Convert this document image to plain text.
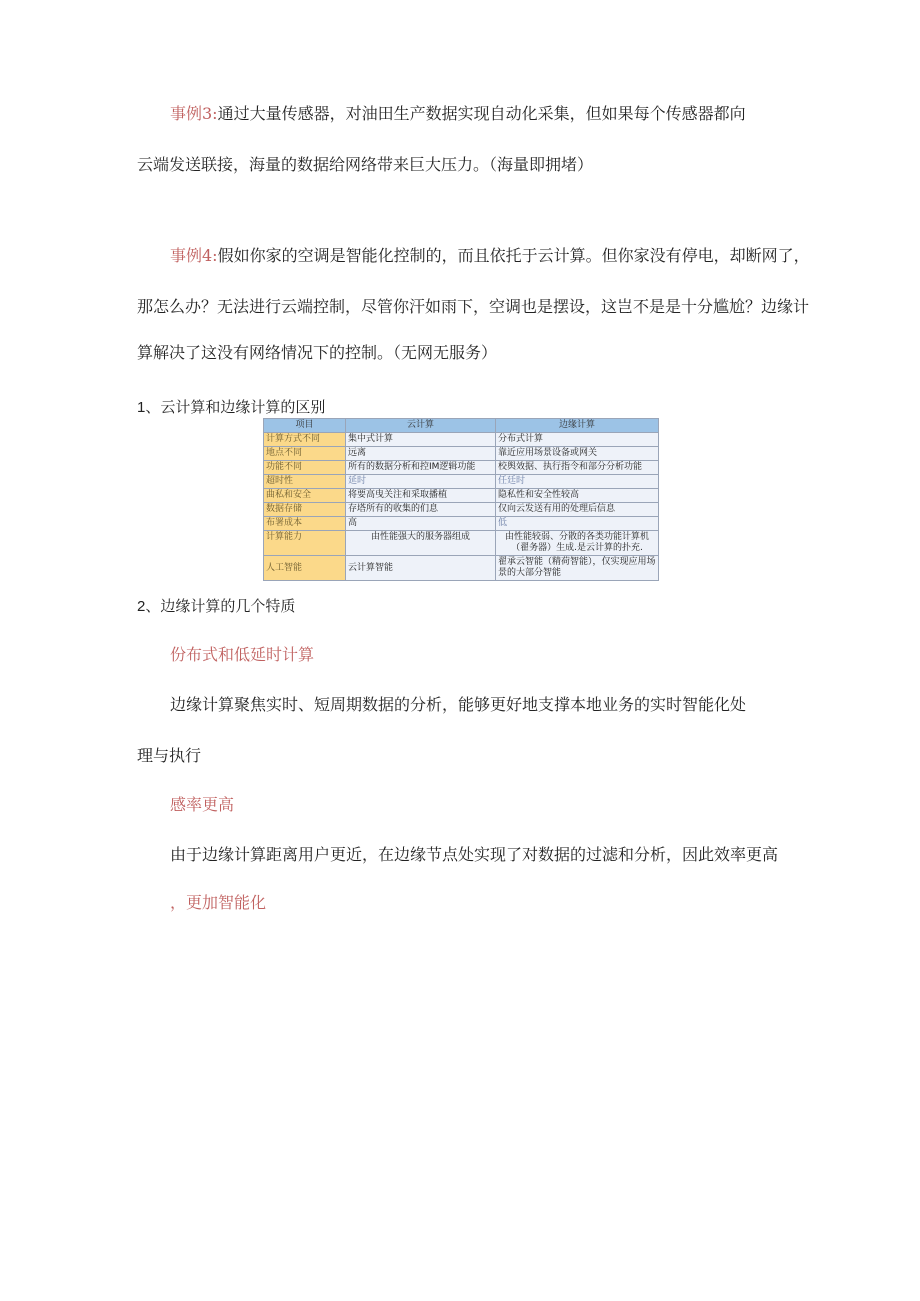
事例3:通过大量传感器，对油田生产数据实现自动化采集，但如果每个传感器都向
云端发送联接，海量的数据给网络带来巨大压力。（海量即拥堵）
事例4:假如你家的空调是智能化控制的，而且依托于云计算。但你家没有停电，却断网了，
那怎么办？无法进行云端控制，尽管你汗如雨下，空调也是摆设，这岂不是是十分尴尬？边缘计
算解决了这没有网络情况下的控制。（无网无服务）
1、云计算和边缘计算的区别
项目	云计算	边缘计算
计算方式不同	集中式计算	分布式计算
地点不同	远离	靠近应用场景设备或网关
功能不同	所有的数据分析和控IM逻辑功能	校舆效据、执行指令和部分分析功能
超时性	延时	任廷时
曲私和安全	将要高曳关注和采取播植	隐私性和安全性较高
数据存储	存塔所有的收集的们息	仅向云发送有用的处理后信息
布署成本	高	低
计算能力	由性能强大的服务器组成	由性能较弱、分散的各类功能计算机（翟务器）生成.是云计算的扑充.
人工智能	云计算智能	翟承云智能（精荷智能），仅实现应用场景的大部分智能
2、边缘计算的几个特质
份布式和低延时计算
边缘计算聚焦实时、短周期数据的分析，能够更好地支撑本地业务的实时智能化处
理与执行
感率更高
由于边缘计算距离用户更近，在边缘节点处实现了对数据的过滤和分析，因此效率更高
，更加智能化
